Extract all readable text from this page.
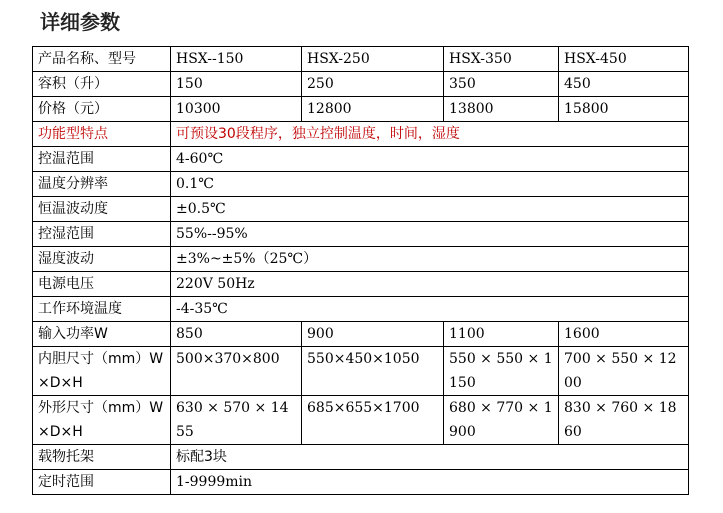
详细参数
产品名称、型号	HSX--150	HSX-250	HSX-350	HSX-450
容积（升）	150	250	350	450
价格（元）	10300	12800	13800	15800
功能型特点	可预设30段程序，独立控制温度，时间，湿度			
控温范围	4-60℃			
温度分辨率	0.1℃			
恒温波动度	±0.5℃			
控湿范围	55%--95%			
湿度波动	±3%~±5%（25℃）			
电源电压	220V 50Hz			
工作环境温度	-4-35℃			
输入功率W	850	900	1100	1600
内胆尺寸（mm）W×D×H	500×370×800	550×450×1050	550 × 550 × 1150	700 × 550 × 1200
外形尺寸（mm）W×D×H	630 × 570 × 1455	685×655×1700	680 × 770 × 1900	830 × 760 × 1860
载物托架	标配3块			
定时范围	1-9999min			
